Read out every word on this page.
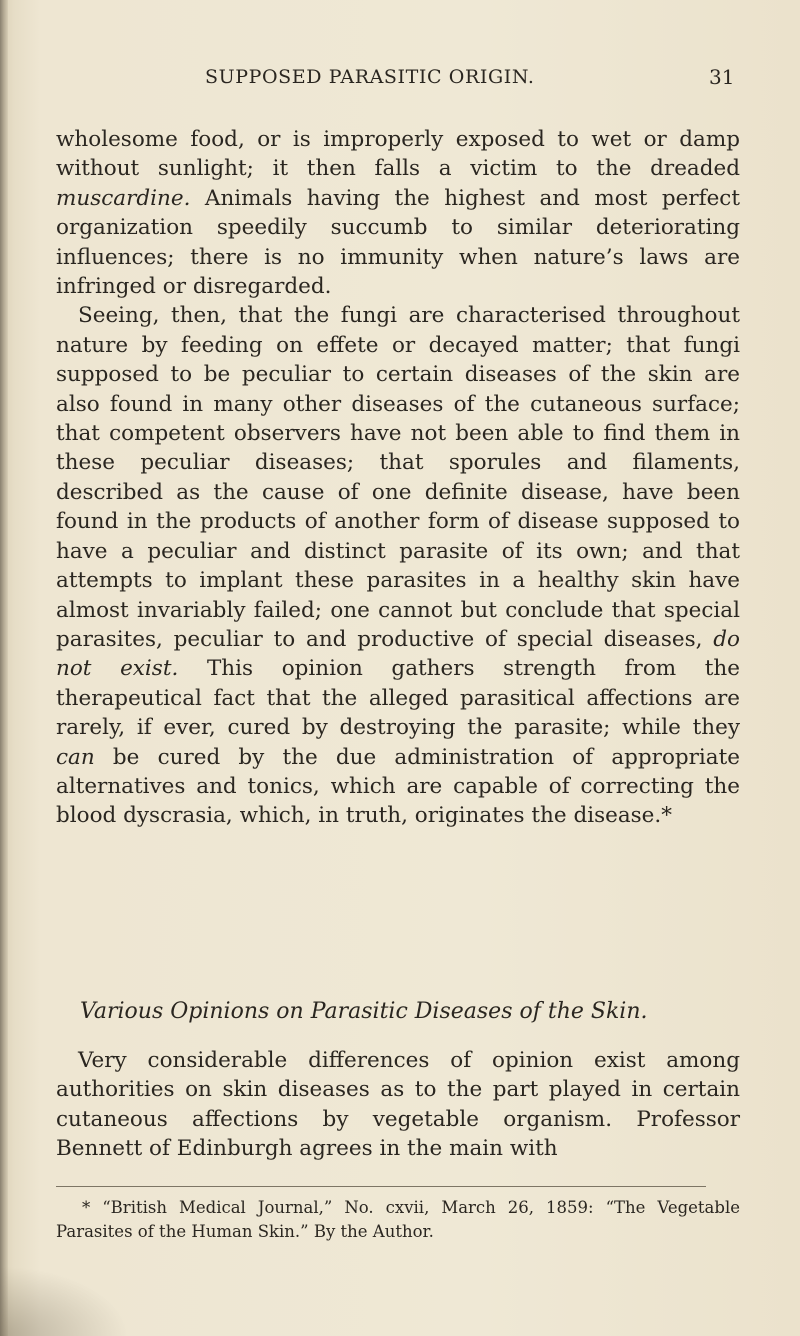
SUPPOSED PARASITIC ORIGIN.	31

wholesome food, or is improperly exposed to wet or damp without sunlight; it then falls a victim to the dreaded muscardine. Animals having the highest and most perfect organization speedily succumb to similar deteriorating influences; there is no immunity when nature’s laws are infringed or disregarded.

Seeing, then, that the fungi are characterised throughout nature by feeding on effete or decayed matter; that fungi supposed to be peculiar to certain diseases of the skin are also found in many other diseases of the cutaneous surface; that competent observers have not been able to find them in these peculiar diseases; that sporules and filaments, described as the cause of one definite disease, have been found in the products of another form of disease supposed to have a peculiar and distinct parasite of its own; and that attempts to implant these parasites in a healthy skin have almost invariably failed; one cannot but conclude that special parasites, peculiar to and productive of special diseases, do not exist. This opinion gathers strength from the therapeutical fact that the alleged parasitical affections are rarely, if ever, cured by destroying the parasite; while they can be cured by the due administration of appropriate alternatives and tonics, which are capable of correcting the blood dyscrasia, which, in truth, originates the disease.*

Various Opinions on Parasitic Diseases of the Skin.

Very considerable differences of opinion exist among authorities on skin diseases as to the part played in certain cutaneous affections by vegetable organism. Professor Bennett of Edinburgh agrees in the main with

* “British Medical Journal,” No. cxvii, March 26, 1859: “The Vegetable Parasites of the Human Skin.” By the Author.
